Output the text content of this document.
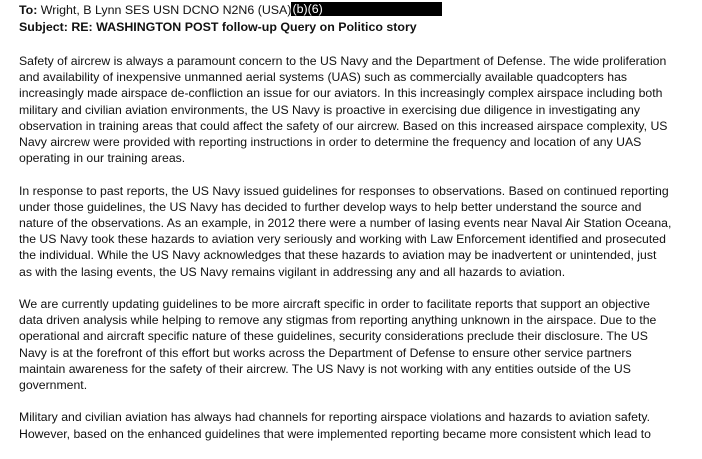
To: Wright, B Lynn SES USN DCNO N2N6 (USA)(b)(6)
Subject: RE: WASHINGTON POST follow-up Query on Politico story
Safety of aircrew is always a paramount concern to the US Navy and the Department of Defense. The wide proliferation
and availability of inexpensive unmanned aerial systems (UAS) such as commercially available quadcopters has
increasingly made airspace de-confliction an issue for our aviators. In this increasingly complex airspace including both
military and civilian aviation environments, the US Navy is proactive in exercising due diligence in investigating any
observation in training areas that could affect the safety of our aircrew. Based on this increased airspace complexity, US
Navy aircrew were provided with reporting instructions in order to determine the frequency and location of any UAS
operating in our training areas.
In response to past reports, the US Navy issued guidelines for responses to observations. Based on continued reporting
under those guidelines, the US Navy has decided to further develop ways to help better understand the source and
nature of the observations. As an example, in 2012 there were a number of lasing events near Naval Air Station Oceana,
the US Navy took these hazards to aviation very seriously and working with Law Enforcement identified and prosecuted
the individual. While the US Navy acknowledges that these hazards to aviation may be inadvertent or unintended, just
as with the lasing events, the US Navy remains vigilant in addressing any and all hazards to aviation.
We are currently updating guidelines to be more aircraft specific in order to facilitate reports that support an objective
data driven analysis while helping to remove any stigmas from reporting anything unknown in the airspace. Due to the
operational and aircraft specific nature of these guidelines, security considerations preclude their disclosure. The US
Navy is at the forefront of this effort but works across the Department of Defense to ensure other service partners
maintain awareness for the safety of their aircrew. The US Navy is not working with any entities outside of the US
government.
Military and civilian aviation has always had channels for reporting airspace violations and hazards to aviation safety.
However, based on the enhanced guidelines that were implemented reporting became more consistent which lead to
